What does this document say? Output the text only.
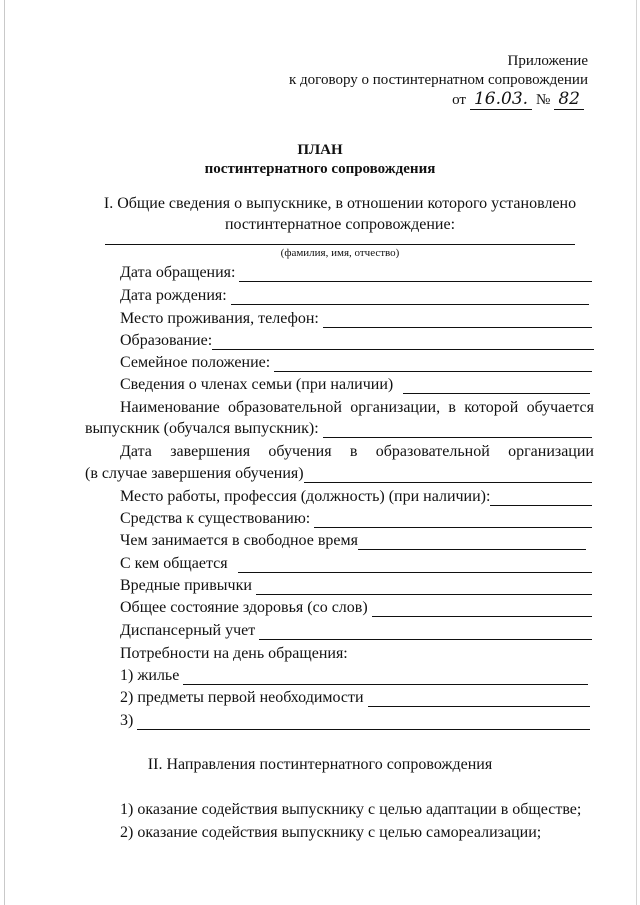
Приложение
к договору о постинтернатном сопровождении
от 16.03. № 82
ПЛАН
постинтернатного сопровождения
I. Общие сведения о выпускнике, в отношении которого установлено
постинтернатное сопровождение:
(фамилия, имя, отчество)
Дата обращения:
Дата рождения:
Место проживания, телефон:
Образование:
Семейное положение:
Сведения о членах семьи (при наличии)
Наименование образовательной организации, в которой обучается
выпускник (обучался выпускник):
Дата завершения обучения в образовательной организации
(в случае завершения обучения)
Место работы, профессия (должность) (при наличии):
Средства к существованию:
Чем занимается в свободное время
С кем общается
Вредные привычки
Общее состояние здоровья (со слов)
Диспансерный учет
Потребности на день обращения:
1) жилье
2) предметы первой необходимости
3)
II. Направления постинтернатного сопровождения
1) оказание содействия выпускнику с целью адаптации в обществе;
2) оказание содействия выпускнику с целью самореализации;
